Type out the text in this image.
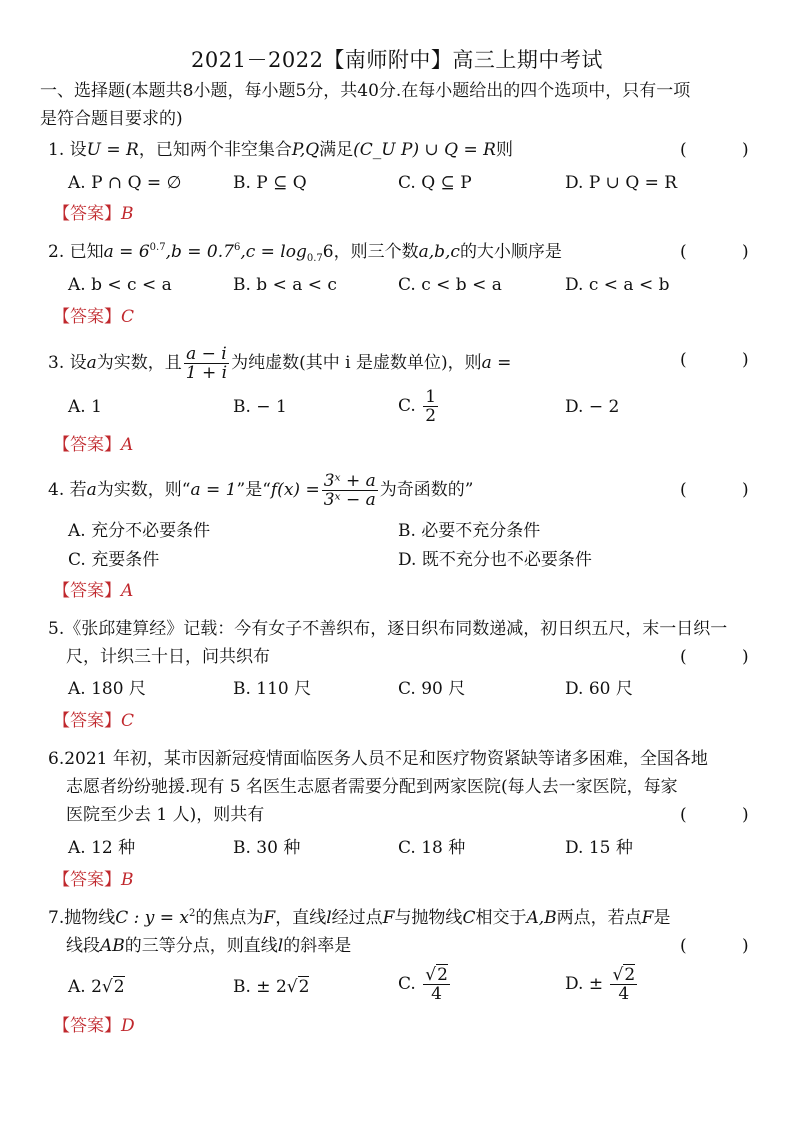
2021－2022【南师附中】高三上期中考试
一、选择题(本题共8小题，每小题5分，共40分.在每小题给出的四个选项中，只有一项
是符合题目要求的)
1. 设U = R，已知两个非空集合P,Q满足(C_U P) ∪ Q = R则	(	)
A. P ∩ Q = ∅	B. P ⊆ Q	C. Q ⊆ P	D. P ∪ Q = R
【答案】B
2. 已知$a = 6^{0.7},b = 0.7^6,c = \log_{0.7}6$，则三个数a,b,c的大小顺序是	(	)
A. b < c < a	B. b < a < c	C. c < b < a	D. c < a < b
【答案】C
3. 设a为实数，且 $\frac{a - i}{1 + i}$ 为纯虚数(其中 i 是虚数单位)，则a =	(	)
A. 1	B. − 1	C. $\frac{1}{2}$	D. − 2
【答案】A
4. 若a为实数，则“a = 1”是“$f(x) = \frac{\text{3ˣ + a}}{\text{3ˣ − a}}$ 为奇函数的”	(	)
A. 充分不必要条件	B. 必要不充分条件
C. 充要条件	D. 既不充分也不必要条件
【答案】A
5.《张邱建算经》记载：今有女子不善织布，逐日织布同数递减，初日织五尺，末一日织一
尺，计织三十日，问共织布	(	)
A. 180 尺	B. 110 尺	C. 90 尺	D. 60 尺
【答案】C
6.2021 年初，某市因新冠疫情面临医务人员不足和医疗物资紧缺等诸多困难，全国各地
志愿者纷纷驰援.现有 5 名医生志愿者需要分配到两家医院(每人去一家医院，每家
医院至少去 1 人)，则共有	(	)
A. 12 种	B. 30 种	C. 18 种	D. 15 种
【答案】B
7.抛物线C : $y = x^2$的焦点为F，直线l经过点F与抛物线C相交于A,B两点，若点F是
线段AB的三等分点，则直线l的斜率是	(	)
A. 2√2	B. ± 2√2	C. $\frac{√2}{4}$	D. ± $\frac{√2}{4}$
【答案】D
